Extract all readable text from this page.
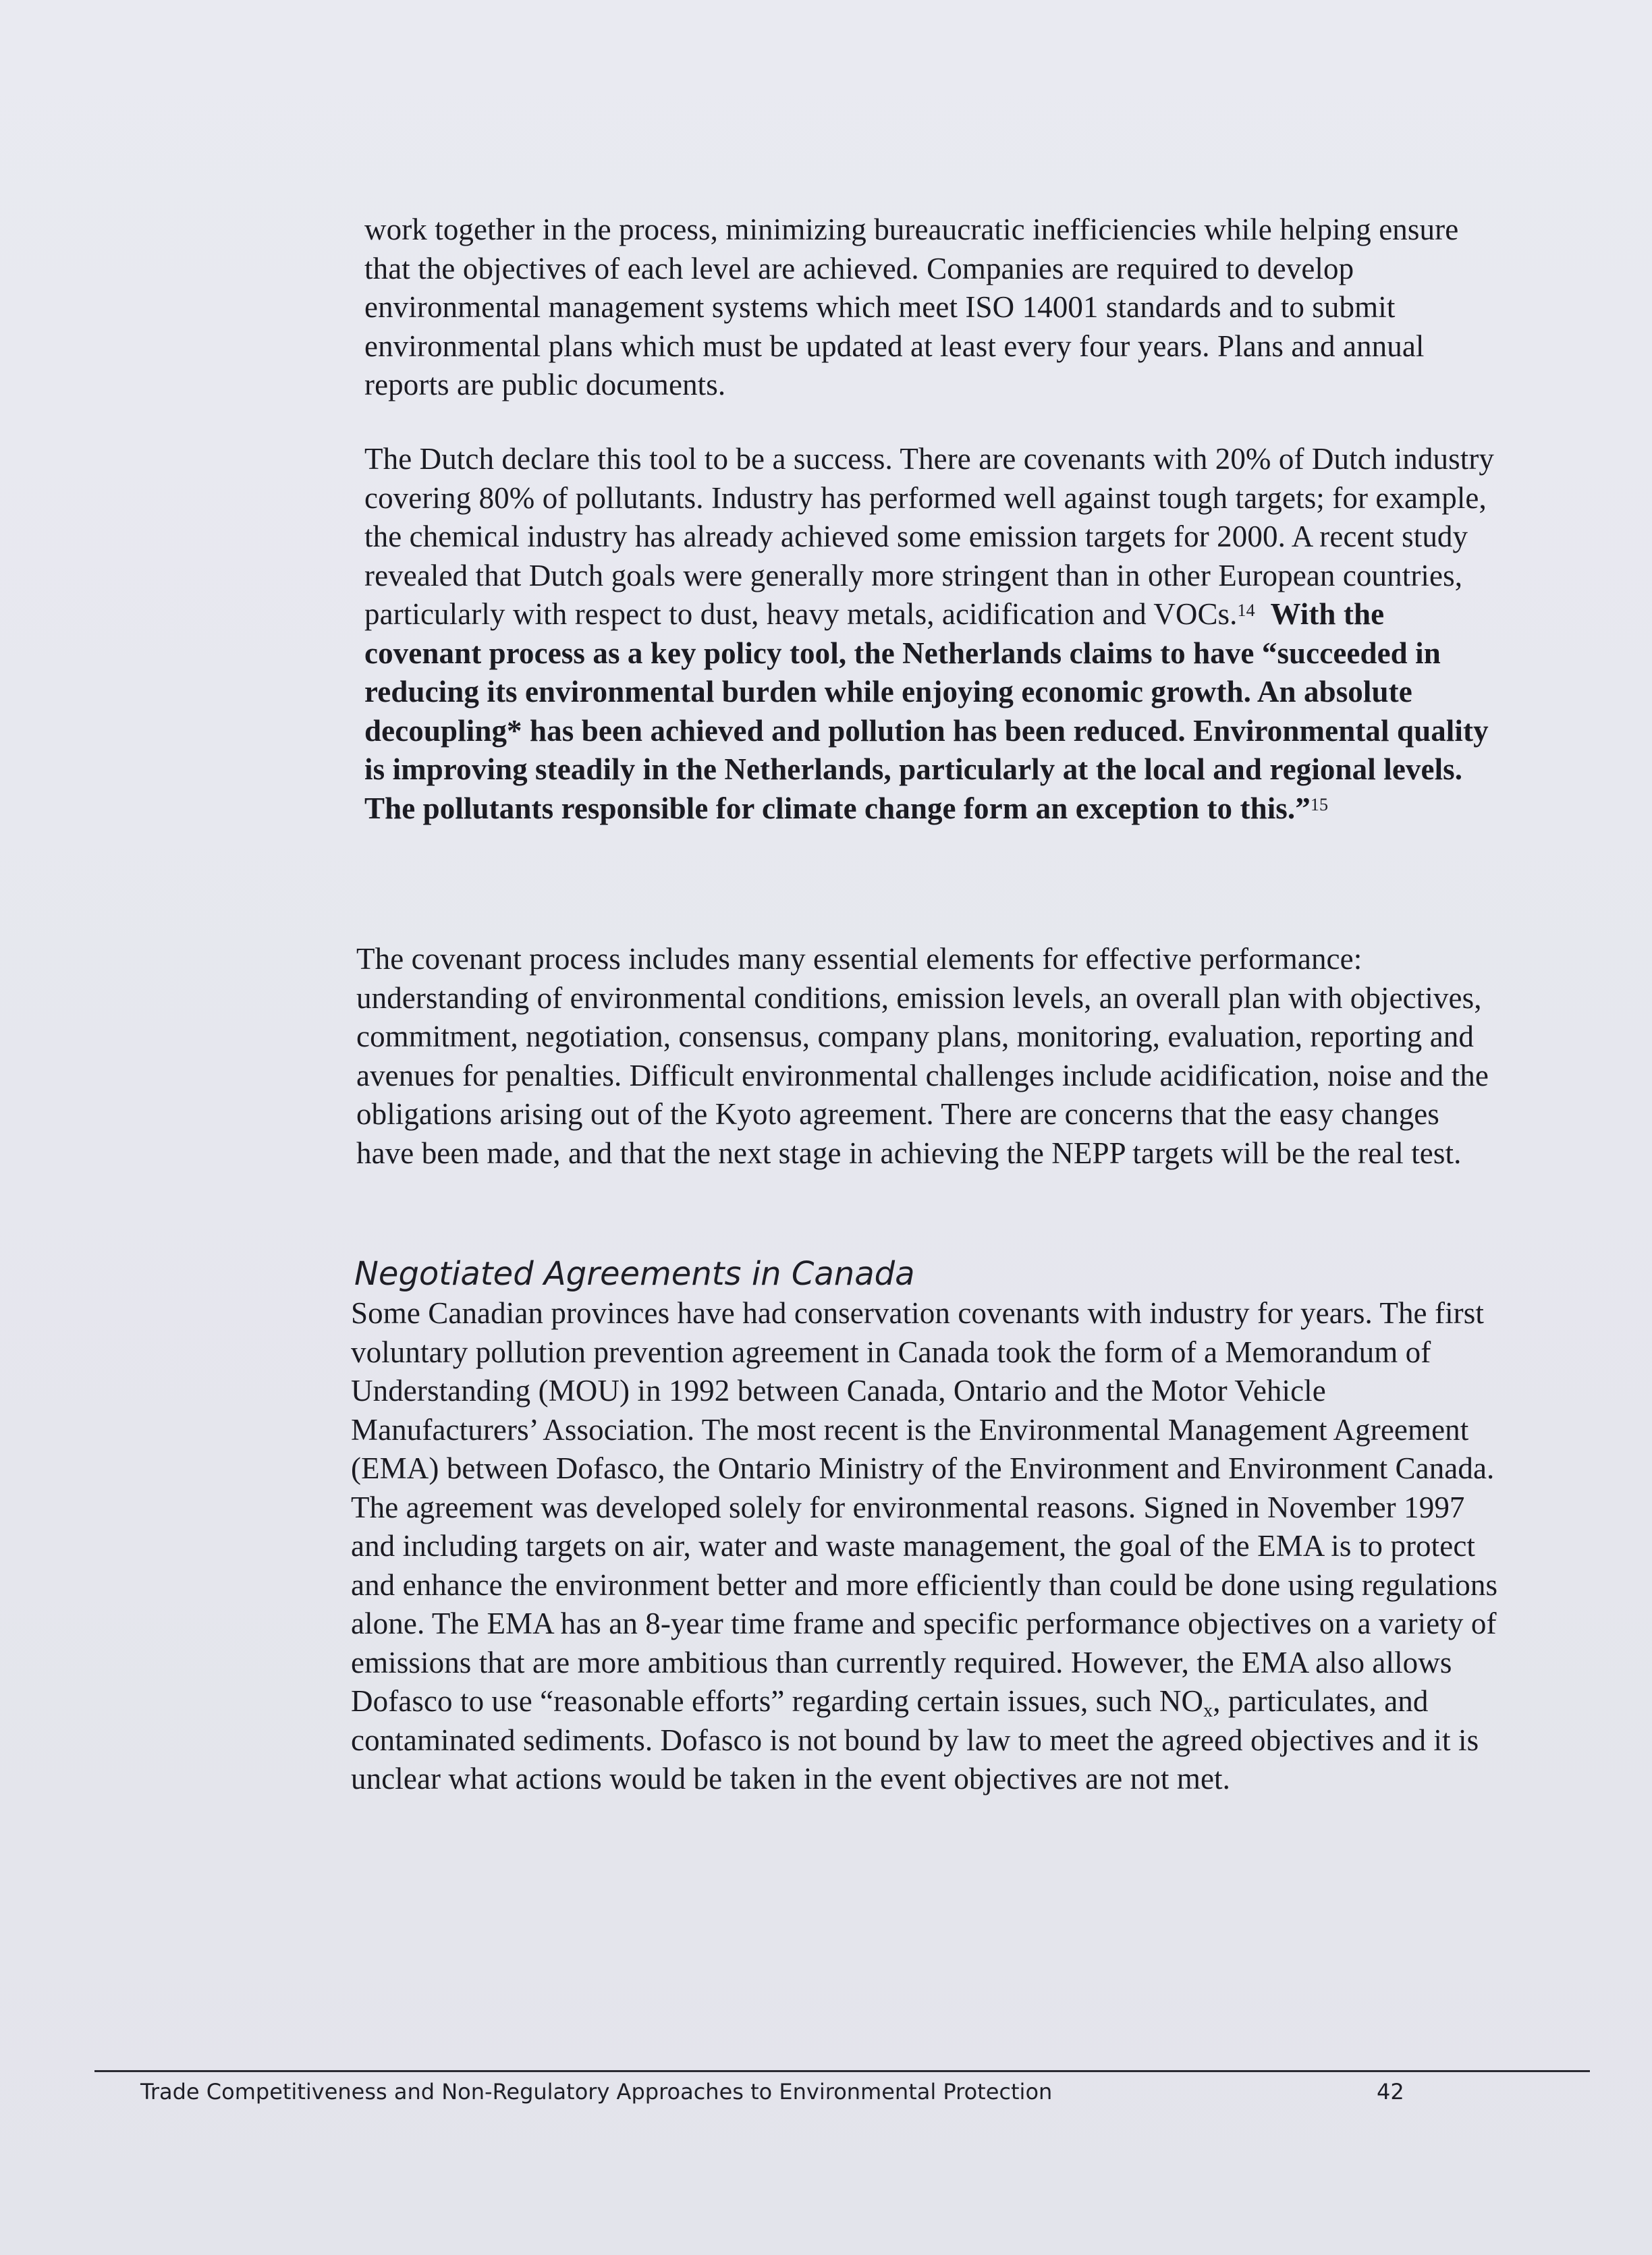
work together in the process, minimizing bureaucratic inefficiencies while helping ensure that the objectives of each level are achieved. Companies are required to develop environmental management systems which meet ISO 14001 standards and to submit environmental plans which must be updated at least every four years. Plans and annual reports are public documents.

The Dutch declare this tool to be a success. There are covenants with 20% of Dutch industry covering 80% of pollutants. Industry has performed well against tough targets; for example, the chemical industry has already achieved some emission targets for 2000. A recent study revealed that Dutch goals were generally more stringent than in other European countries, particularly with respect to dust, heavy metals, acidification and VOCs.$^{14}$ With the covenant process as a key policy tool, the Netherlands claims to have “succeeded in reducing its environmental burden while enjoying economic growth. An absolute decoupling* has been achieved and pollution has been reduced. Environmental quality is improving steadily in the Netherlands, particularly at the local and regional levels. The pollutants responsible for climate change form an exception to this.”$^{15}$

The covenant process includes many essential elements for effective performance: understanding of environmental conditions, emission levels, an overall plan with objectives, commitment, negotiation, consensus, company plans, monitoring, evaluation, reporting and avenues for penalties. Difficult environmental challenges include acidification, noise and the obligations arising out of the Kyoto agreement. There are concerns that the easy changes have been made, and that the next stage in achieving the NEPP targets will be the real test.

Negotiated Agreements in Canada

Some Canadian provinces have had conservation covenants with industry for years. The first voluntary pollution prevention agreement in Canada took the form of a Memorandum of Understanding (MOU) in 1992 between Canada, Ontario and the Motor Vehicle Manufacturers’ Association. The most recent is the Environmental Management Agreement (EMA) between Dofasco, the Ontario Ministry of the Environment and Environment Canada. The agreement was developed solely for environmental reasons. Signed in November 1997 and including targets on air, water and waste management, the goal of the EMA is to protect and enhance the environment better and more efficiently than could be done using regulations alone. The EMA has an 8-year time frame and specific performance objectives on a variety of emissions that are more ambitious than currently required. However, the EMA also allows Dofasco to use “reasonable efforts” regarding certain issues, such $NO_x$, particulates, and contaminated sediments. Dofasco is not bound by law to meet the agreed objectives and it is unclear what actions would be taken in the event objectives are not met.

Trade Competitiveness and Non-Regulatory Approaches to Environmental Protection	42
